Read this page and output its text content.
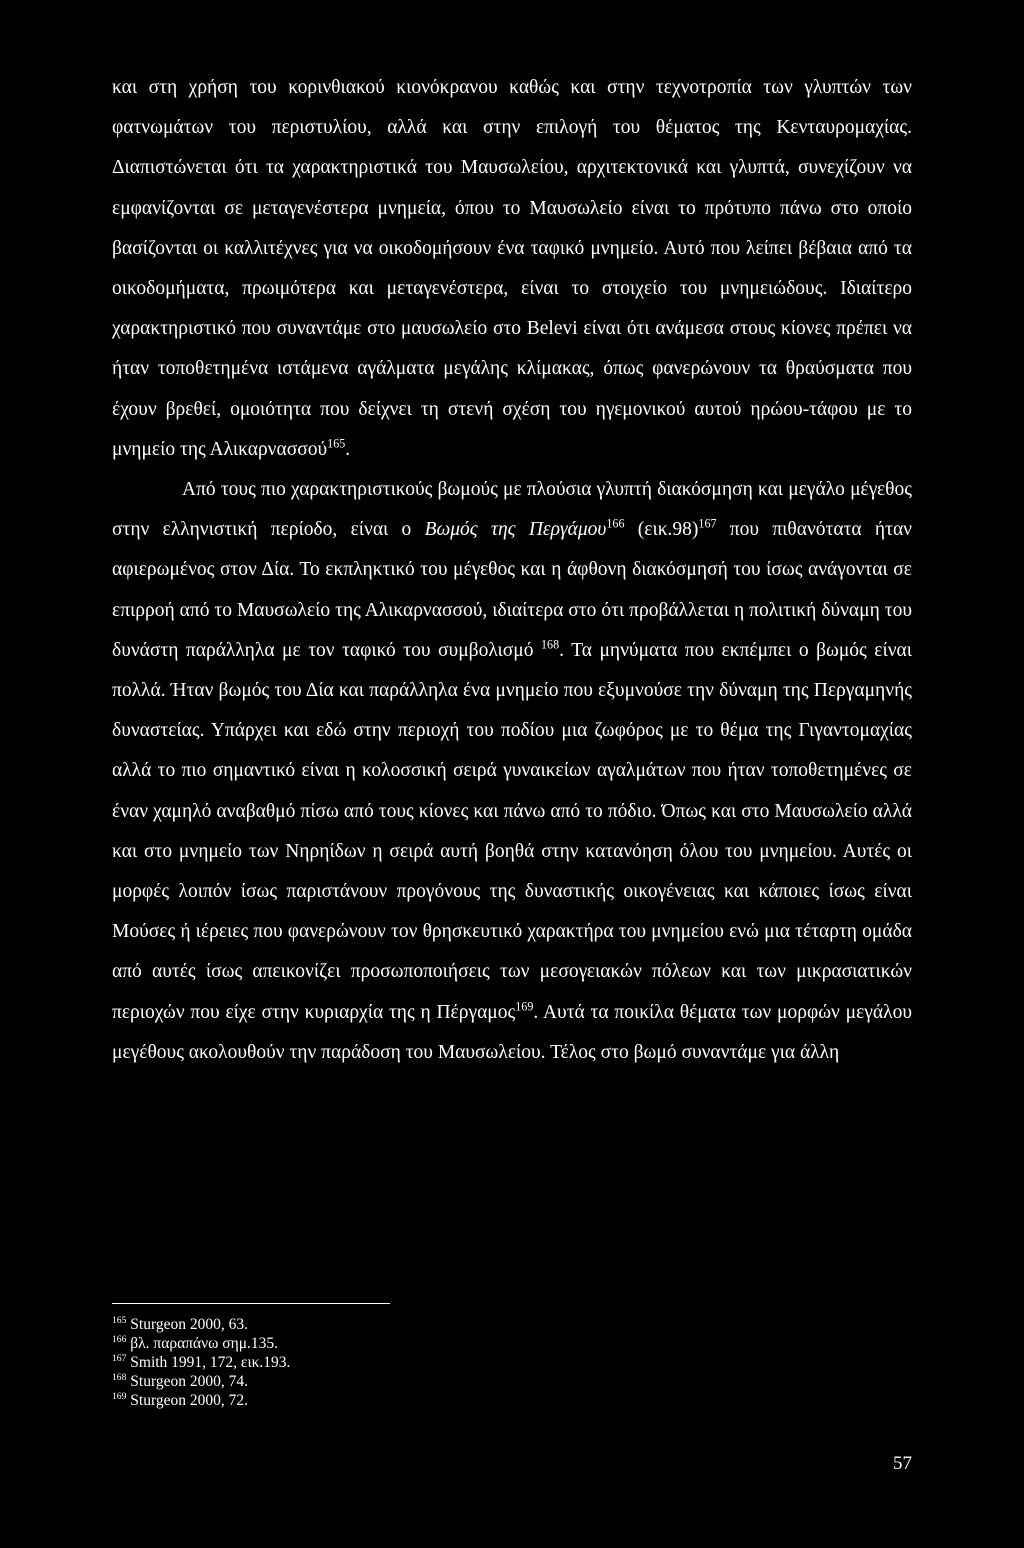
και στη χρήση του κορινθιακού κιονόκρανου καθώς και στην τεχνοτροπία των γλυπτών των φατνωμάτων του περιστυλίου, αλλά και στην επιλογή του θέματος της Κενταυρομαχίας. Διαπιστώνεται ότι τα χαρακτηριστικά του Μαυσωλείου, αρχιτεκτονικά και γλυπτά, συνεχίζουν να εμφανίζονται σε μεταγενέστερα μνημεία, όπου το Μαυσωλείο είναι το πρότυπο πάνω στο οποίο βασίζονται οι καλλιτέχνες για να οικοδομήσουν ένα ταφικό μνημείο. Αυτό που λείπει βέβαια από τα οικοδομήματα, πρωιμότερα και μεταγενέστερα, είναι το στοιχείο του μνημειώδους. Ιδιαίτερο χαρακτηριστικό που συναντάμε στο μαυσωλείο στο Belevi είναι ότι ανάμεσα στους κίονες πρέπει να ήταν τοποθετημένα ιστάμενα αγάλματα μεγάλης κλίμακας, όπως φανερώνουν τα θραύσματα που έχουν βρεθεί, ομοιότητα που δείχνει τη στενή σχέση του ηγεμονικού αυτού ηρώου-τάφου με το μνημείο της Αλικαρνασσού$^{165}$.

Από τους πιο χαρακτηριστικούς βωμούς με πλούσια γλυπτή διακόσμηση και μεγάλο μέγεθος στην ελληνιστική περίοδο, είναι ο Βωμός της Περγάμου$^{166}$ $(\varepsilon\iota\kappa.98)^{167}$ που πιθανότατα ήταν αφιερωμένος στον Δία. Το εκπληκτικό του μέγεθος και η άφθονη διακόσμησή του ίσως ανάγονται σε επιρροή από το Μαυσωλείο της Αλικαρνασσού, ιδιαίτερα στο ότι προβάλλεται η πολιτική δύναμη του δυνάστη παράλληλα με τον ταφικό του συμβολισμό $^{168}$. Τα μηνύματα που εκπέμπει ο βωμός είναι πολλά. Ήταν βωμός του Δία και παράλληλα ένα μνημείο που εξυμνούσε την δύναμη της Περγαμηνής δυναστείας. Υπάρχει και εδώ στην περιοχή του ποδίου μια ζωφόρος με το θέμα της Γιγαντομαχίας αλλά το πιο σημαντικό είναι η κολοσσική σειρά γυναικείων αγαλμάτων που ήταν τοποθετημένες σε έναν χαμηλό αναβαθμό πίσω από τους κίονες και πάνω από το πόδιο. Όπως και στο Μαυσωλείο αλλά και στο μνημείο των Νηρηίδων η σειρά αυτή βοηθά στην κατανόηση όλου του μνημείου. Αυτές οι μορφές λοιπόν ίσως παριστάνουν προγόνους της δυναστικής οικογένειας και κάποιες ίσως είναι Μούσες ή ιέρειες που φανερώνουν τον θρησκευτικό χαρακτήρα του μνημείου ενώ μια τέταρτη ομάδα από αυτές ίσως απεικονίζει προσωποποιήσεις των μεσογειακών πόλεων και των μικρασιατικών περιοχών που είχε στην κυριαρχία της η Πέργαμος$^{169}$. Αυτά τα ποικίλα θέματα των μορφών μεγάλου μεγέθους ακολουθούν την παράδοση του Μαυσωλείου. Τέλος στο βωμό συναντάμε για άλλη

$^{165}$ Sturgeon 2000, 63.

$^{166}$ βλ. παραπάνω σημ.135.

$^{167}$ Smith 1991, 172, εικ.193.

$^{168}$ Sturgeon 2000, 74.

$^{169}$ Sturgeon 2000, 72.

57
